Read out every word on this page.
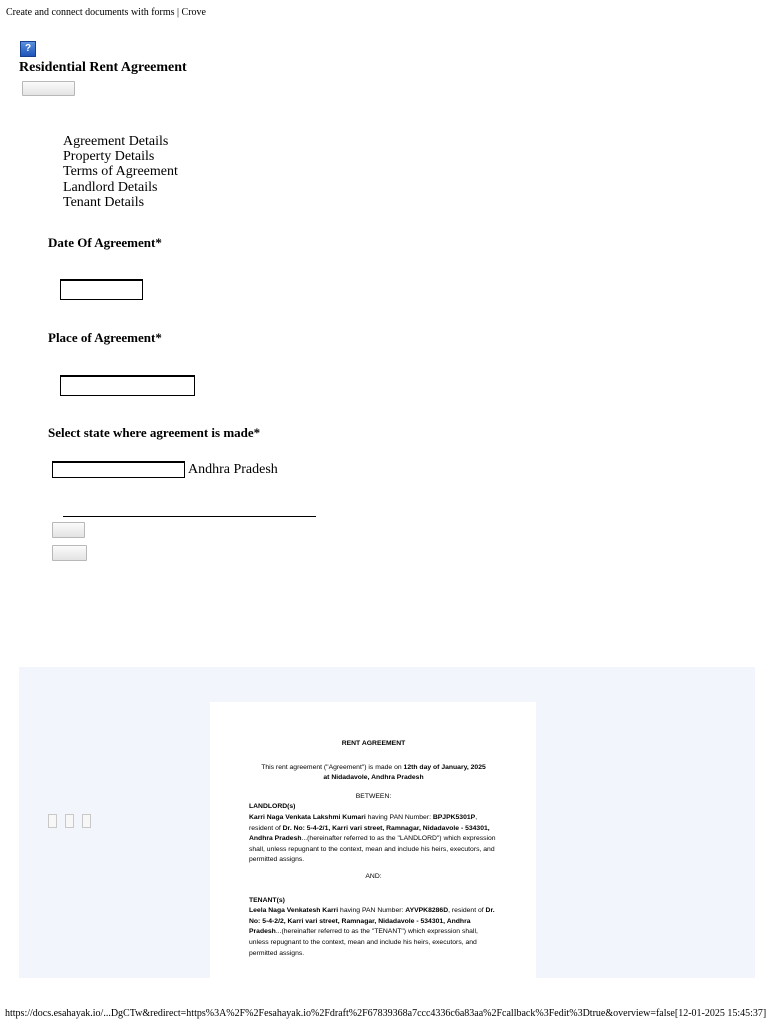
Create and connect documents with forms | Crove
?
Residential Rent Agreement
Agreement Details
Property Details
Terms of Agreement
Landlord Details
Tenant Details
Date Of Agreement*
Place of Agreement*
Select state where agreement is made*
Andhra Pradesh

RENT AGREEMENT

This rent agreement ("Agreement") is made on 12th day of January, 2025
at Nidadavole, Andhra Pradesh

BETWEEN:

LANDLORD(s)

Karri Naga Venkata Lakshmi Kumari having PAN Number: BPJPK5301P, resident of Dr. No: 5-4-2/1, Karri vari street, Ramnagar, Nidadavole - 534301, Andhra Pradesh...(hereinafter referred to as the "LANDLORD") which expression shall, unless repugnant to the context, mean and include his heirs, executors, and permitted assigns.

AND:

TENANT(s)

Leela Naga Venkatesh Karri having PAN Number: AYVPK8286D, resident of Dr. No: 5-4-2/2, Karri vari street, Ramnagar, Nidadavole - 534301, Andhra Pradesh...(hereinafter referred to as the "TENANT") which expression shall, unless repugnant to the context, mean and include his heirs, executors, and permitted assigns.

https://docs.esahayak.io/...DgCTw&redirect=https%3A%2F%2Fesahayak.io%2Fdraft%2F67839368a7ccc4336c6a83aa%2Fcallback%3Fedit%3Dtrue&overview=false[12-01-2025 15:45:37]
